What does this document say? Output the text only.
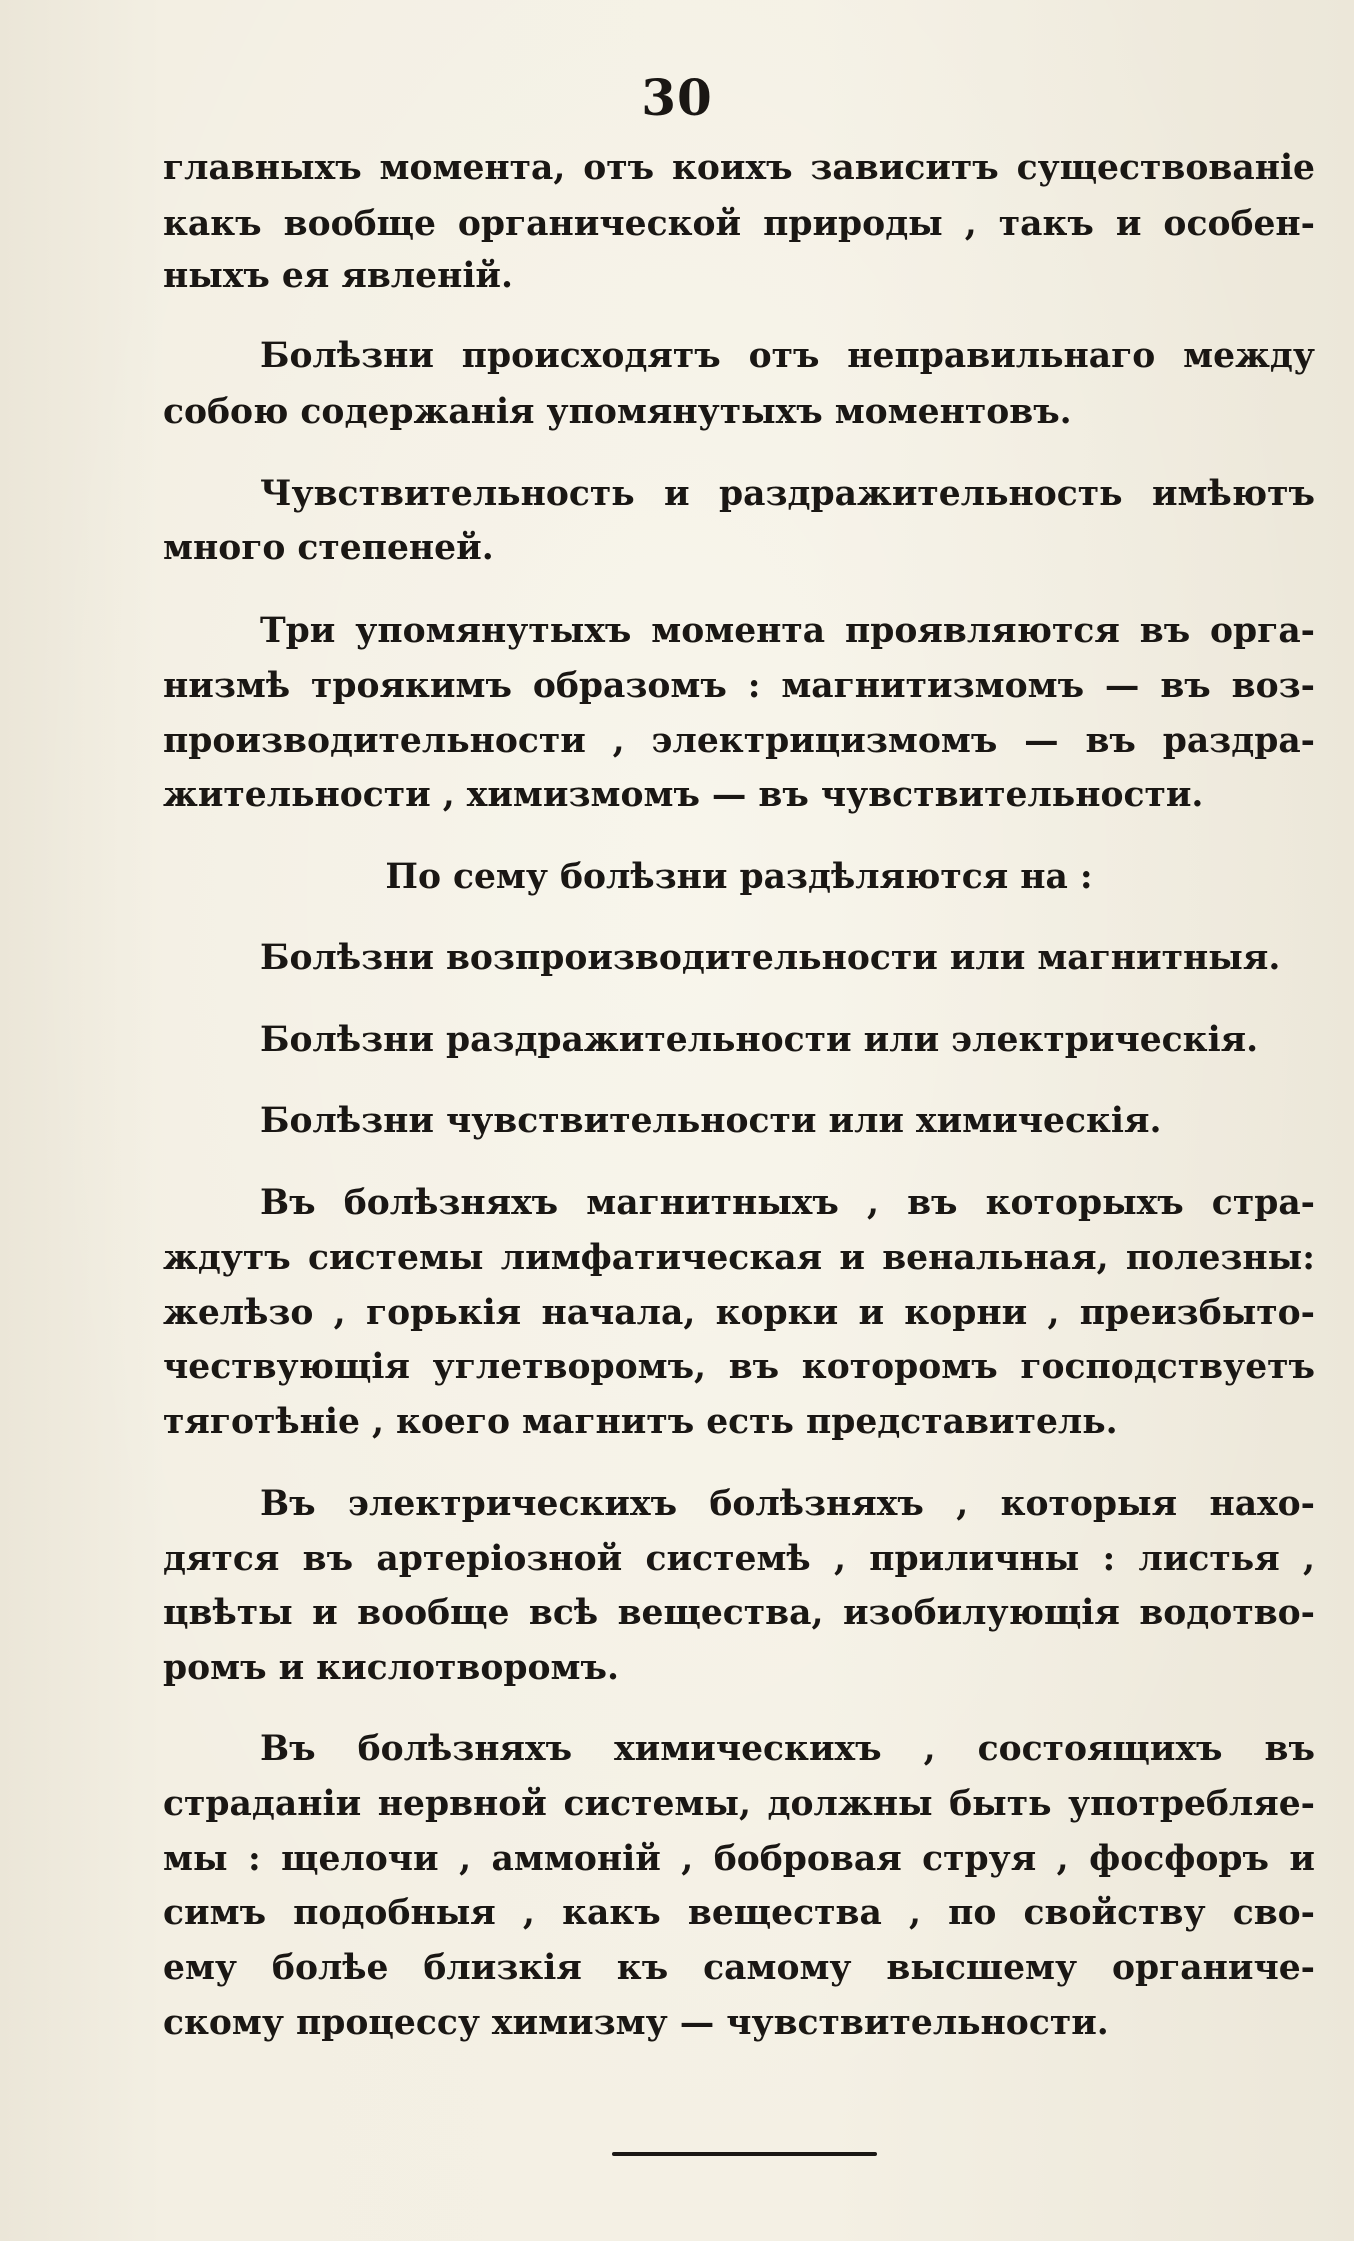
30
главныхъ момента, отъ коихъ зависитъ существованіе
какъ вообще органической природы , такъ и особен-
ныхъ ея явленій.
Болѣзни происходятъ отъ неправильнаго между
собою содержанія упомянутыхъ моментовъ.
Чувствительность и раздражительность имѣютъ
много степеней.
Три упомянутыхъ момента проявляются въ орга-
низмѣ троякимъ образомъ : магнитизмомъ — въ воз-
производительности , электрицизмомъ — въ раздра-
жительности , химизмомъ — въ чувствительности.
По сему болѣзни раздѣляются на :
Болѣзни возпроизводительности или магнитныя.
Болѣзни раздражительности или электрическія.
Болѣзни чувствительности или химическія.
Въ болѣзняхъ магнитныхъ , въ которыхъ стра-
ждутъ системы лимфатическая и венальная, полезны:
желѣзо , горькія начала, корки и корни , преизбыто-
чествующія углетворомъ, въ которомъ господствуетъ
тяготѣніе , коего магнитъ есть представитель.
Въ электрическихъ болѣзняхъ , которыя нахо-
дятся въ артеріозной системѣ , приличны : листья ,
цвѣты и вообще всѣ вещества, изобилующія водотво-
ромъ и кислотворомъ.
Въ болѣзняхъ химическихъ , состоящихъ въ
страданіи нервной системы, должны быть употребляе-
мы : щелочи , аммоній , бобровая струя , фосфоръ и
симъ подобныя , какъ вещества , по свойству сво-
ему болѣе близкія къ самому высшему органиче-
скому процессу химизму — чувствительности.
